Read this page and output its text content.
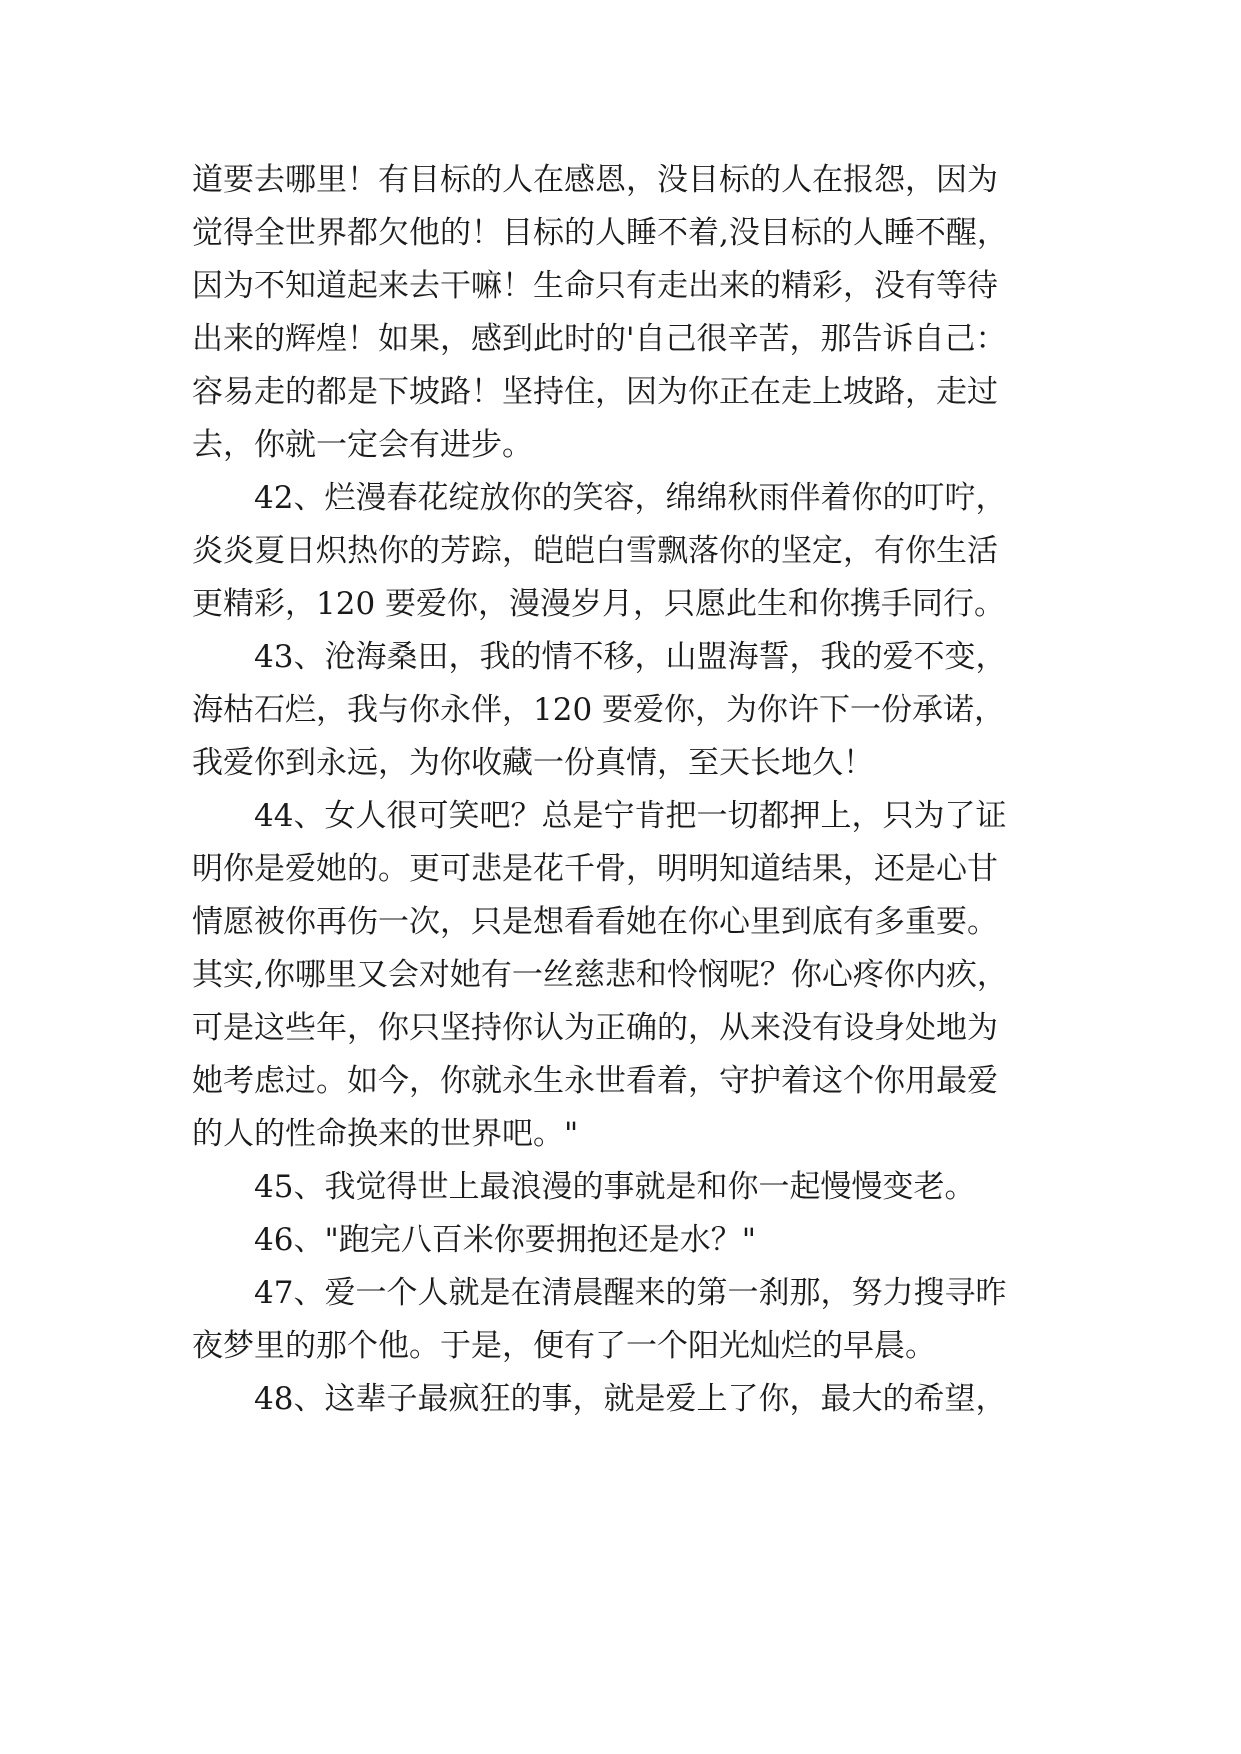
道要去哪里！有目标的人在感恩，没目标的人在报怨，因为
觉得全世界都欠他的！目标的人睡不着,没目标的人睡不醒，
因为不知道起来去干嘛！生命只有走出来的精彩，没有等待
出来的辉煌！如果，感到此时的'自己很辛苦，那告诉自己：
容易走的都是下坡路！坚持住，因为你正在走上坡路，走过
去，你就一定会有进步。
42、烂漫春花绽放你的笑容，绵绵秋雨伴着你的叮咛，
炎炎夏日炽热你的芳踪，皑皑白雪飘落你的坚定，有你生活
更精彩，120 要爱你，漫漫岁月，只愿此生和你携手同行。
43、沧海桑田，我的情不移，山盟海誓，我的爱不变，
海枯石烂，我与你永伴，120 要爱你，为你许下一份承诺，
我爱你到永远，为你收藏一份真情，至天长地久！
44、女人很可笑吧？总是宁肯把一切都押上，只为了证
明你是爱她的。更可悲是花千骨，明明知道结果，还是心甘
情愿被你再伤一次，只是想看看她在你心里到底有多重要。
其实,你哪里又会对她有一丝慈悲和怜悯呢？你心疼你内疚，
可是这些年，你只坚持你认为正确的，从来没有设身处地为
她考虑过。如今，你就永生永世看着，守护着这个你用最爱
的人的性命换来的世界吧。"
45、我觉得世上最浪漫的事就是和你一起慢慢变老。
46、"跑完八百米你要拥抱还是水？"
47、爱一个人就是在清晨醒来的第一刹那，努力搜寻昨
夜梦里的那个他。于是，便有了一个阳光灿烂的早晨。
48、这辈子最疯狂的事，就是爱上了你，最大的希望，
